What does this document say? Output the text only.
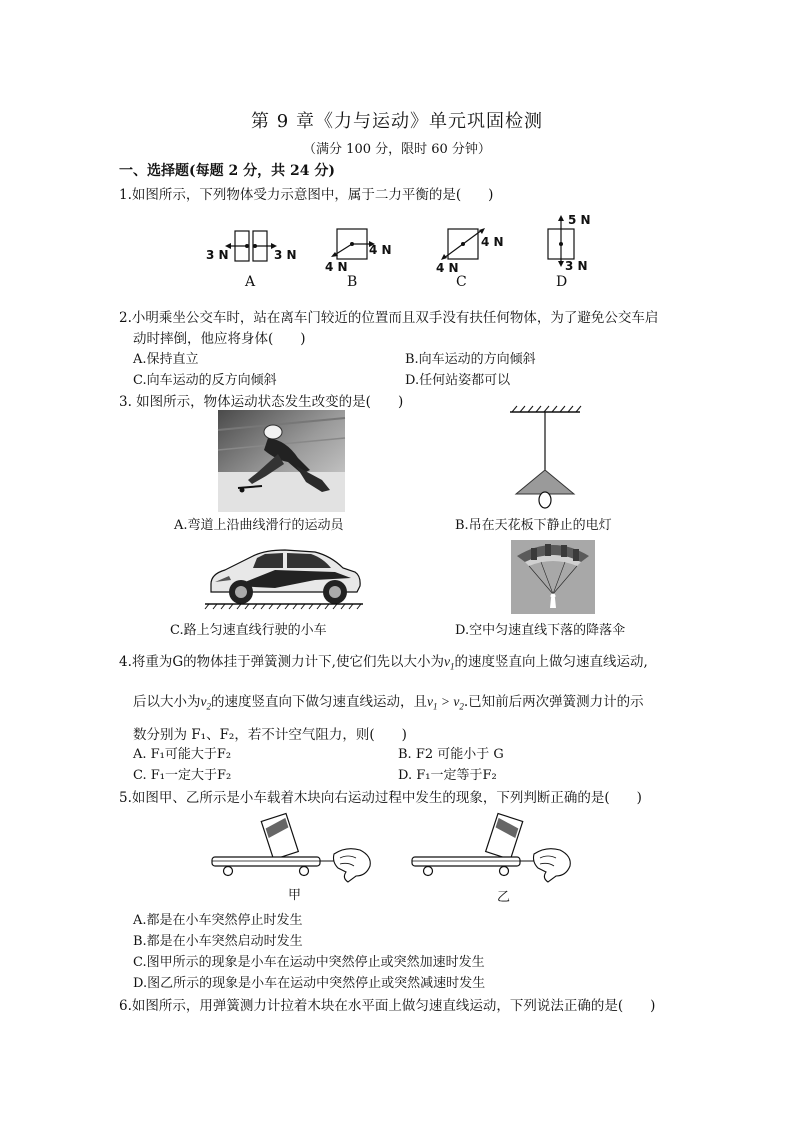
第 9 章《力与运动》单元巩固检测
（满分 100 分，限时 60 分钟）
一、选择题(每题 2 分，共 24 分)
1.如图所示，下列物体受力示意图中，属于二力平衡的是(　　)
3 N	3 N
A
4 N
4 N
B
4 N
4 N
C
5 N
3 N
D
2.小明乘坐公交车时，站在离车门较近的位置而且双手没有扶任何物体，为了避免公交车启
动时摔倒，他应将身体(　　)
A.保持直立	B.向车运动的方向倾斜
C.向车运动的反方向倾斜	D.任何站姿都可以
3. 如图所示，物体运动状态发生改变的是(　　)
A.弯道上沿曲线滑行的运动员	B.吊在天花板下静止的电灯
C.路上匀速直线行驶的小车	D.空中匀速直线下落的降落伞
4.将重为G的物体挂于弹簧测力计下,使它们先以大小为$v_1$的速度竖直向上做匀速直线运动,
后以大小为$v_2$的速度竖直向下做匀速直线运动，且$v_1 > v_2$.已知前后两次弹簧测力计的示
数分别为 F₁、F₂，若不计空气阻力，则(　　)
A. F₁可能大于F₂	B. F2 可能小于 G
C. F₁一定大于F₂	D. F₁一定等于F₂
5.如图甲、乙所示是小车载着木块向右运动过程中发生的现象，下列判断正确的是(　　)
甲	乙
A.都是在小车突然停止时发生
B.都是在小车突然启动时发生
C.图甲所示的现象是小车在运动中突然停止或突然加速时发生
D.图乙所示的现象是小车在运动中突然停止或突然减速时发生
6.如图所示，用弹簧测力计拉着木块在水平面上做匀速直线运动，下列说法正确的是(　　)
